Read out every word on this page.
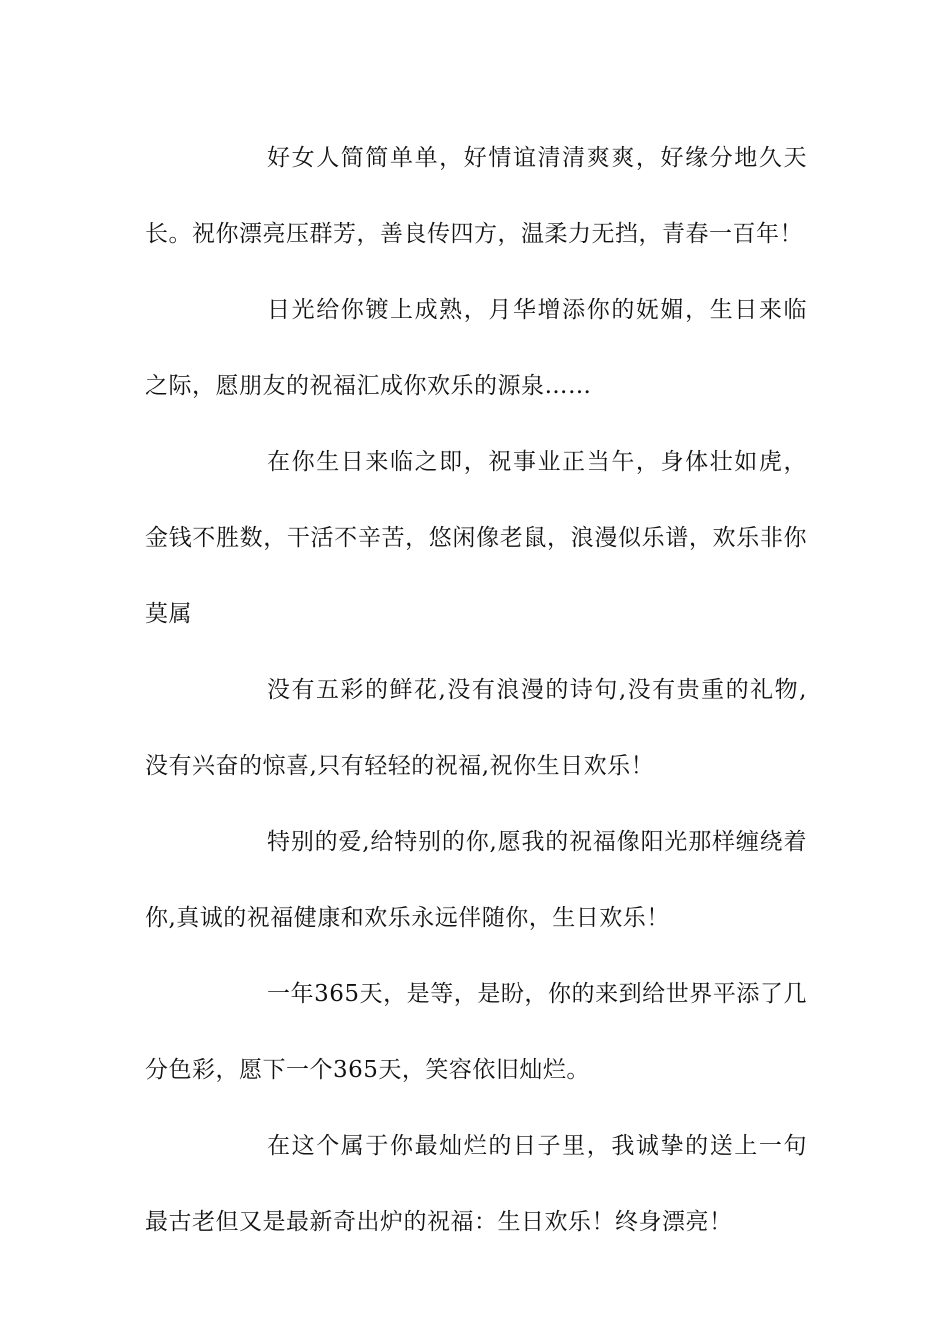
好女人简简单单，好情谊清清爽爽，好缘分地久天长。祝你漂亮压群芳，善良传四方，温柔力无挡，青春一百年！

日光给你镀上成熟，月华增添你的妩媚，生日来临之际，愿朋友的祝福汇成你欢乐的源泉……

在你生日来临之即，祝事业正当午，身体壮如虎，金钱不胜数，干活不辛苦，悠闲像老鼠，浪漫似乐谱，欢乐非你莫属

没有五彩的鲜花,没有浪漫的诗句,没有贵重的礼物,没有兴奋的惊喜,只有轻轻的祝福,祝你生日欢乐！

特别的爱,给特别的你,愿我的祝福像阳光那样缠绕着你,真诚的祝福健康和欢乐永远伴随你，生日欢乐！

一年365天，是等，是盼，你的来到给世界平添了几分色彩，愿下一个365天，笑容依旧灿烂。

在这个属于你最灿烂的日子里，我诚挚的送上一句最古老但又是最新奇出炉的祝福：生日欢乐！终身漂亮！
